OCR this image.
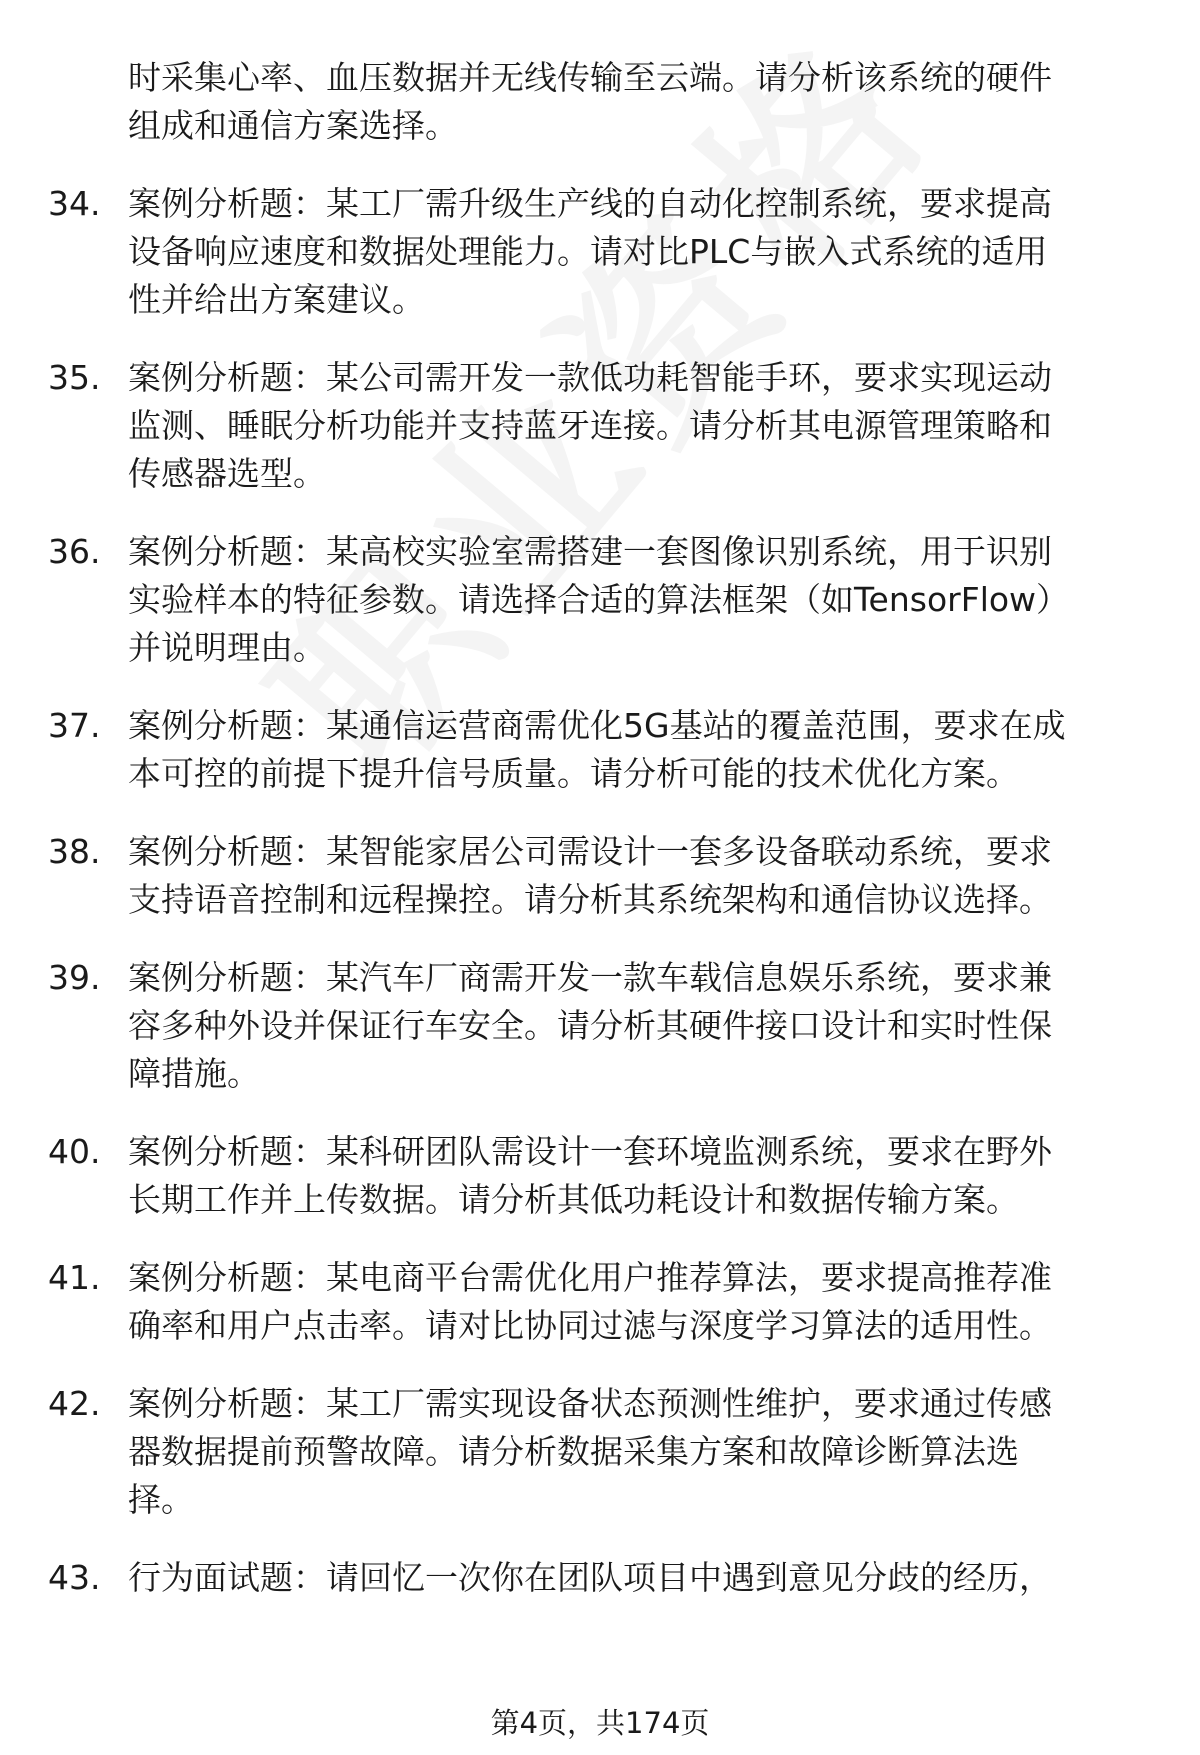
时采集心率、血压数据并无线传输至云端。请分析该系统的硬件

组成和通信方案选择。

34. 案例分析题：某工厂需升级生产线的自动化控制系统，要求提高
设备响应速度和数据处理能力。请对比PLC与嵌入式系统的适用
性并给出方案建议。
35. 案例分析题：某公司需开发一款低功耗智能手环，要求实现运动
监测、睡眠分析功能并支持蓝牙连接。请分析其电源管理策略和
传感器选型。
36. 案例分析题：某高校实验室需搭建一套图像识别系统，用于识别
实验样本的特征参数。请选择合适的算法框架（如TensorFlow）
并说明理由。
37. 案例分析题：某通信运营商需优化5G基站的覆盖范围，要求在成
本可控的前提下提升信号质量。请分析可能的技术优化方案。
38. 案例分析题：某智能家居公司需设计一套多设备联动系统，要求
支持语音控制和远程操控。请分析其系统架构和通信协议选择。
39. 案例分析题：某汽车厂商需开发一款车载信息娱乐系统，要求兼
容多种外设并保证行车安全。请分析其硬件接口设计和实时性保
障措施。
40. 案例分析题：某科研团队需设计一套环境监测系统，要求在野外
长期工作并上传数据。请分析其低功耗设计和数据传输方案。
41. 案例分析题：某电商平台需优化用户推荐算法，要求提高推荐准
确率和用户点击率。请对比协同过滤与深度学习算法的适用性。
42. 案例分析题：某工厂需实现设备状态预测性维护，要求通过传感
器数据提前预警故障。请分析数据采集方案和故障诊断算法选
择。
43. 行为面试题：请回忆一次你在团队项目中遇到意见分歧的经历，
第4页，共174页
